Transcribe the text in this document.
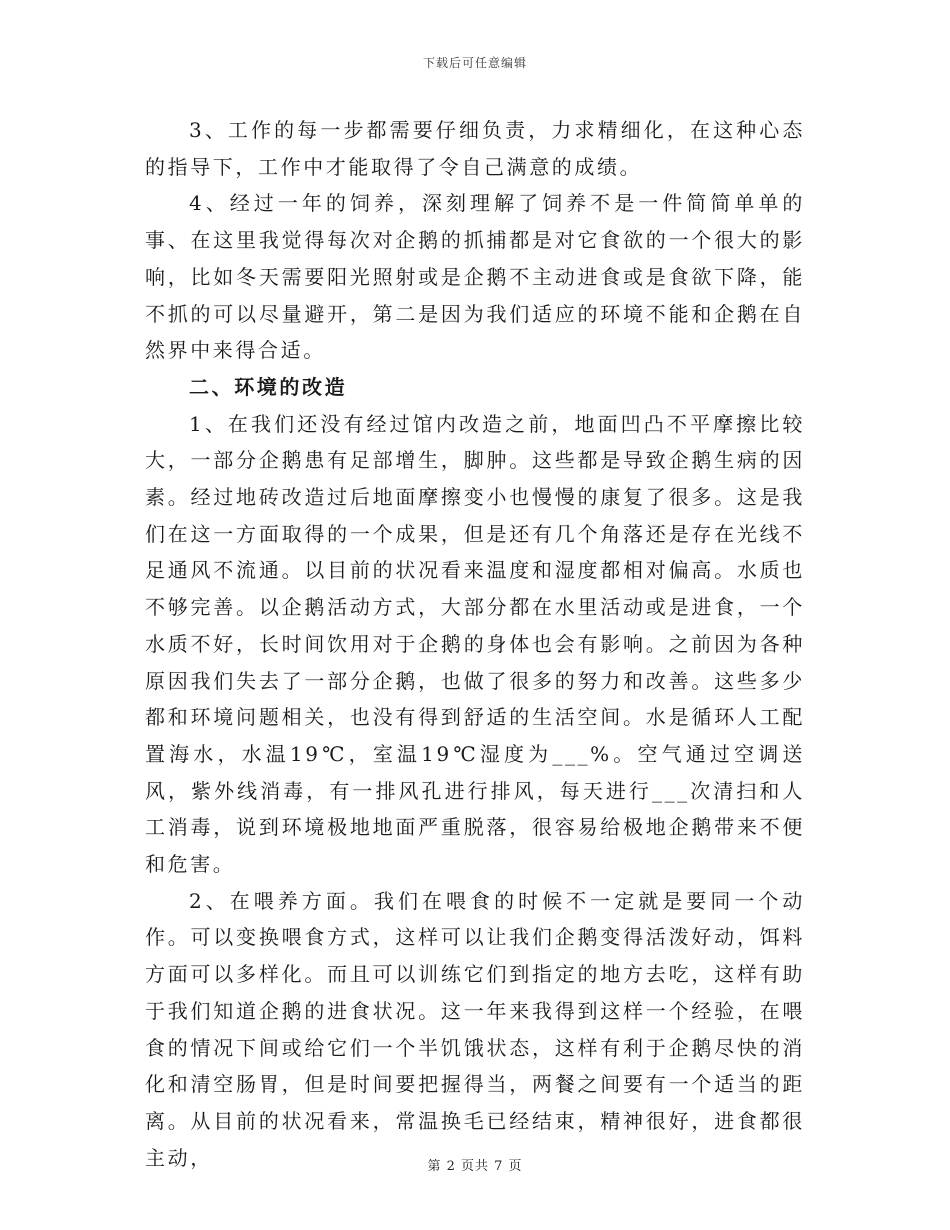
下载后可任意编辑

3、工作的每一步都需要仔细负责，力求精细化，在这种心态的指导下，工作中才能取得了令自己满意的成绩。

4、经过一年的饲养，深刻理解了饲养不是一件简简单单的事、在这里我觉得每次对企鹅的抓捕都是对它食欲的一个很大的影响，比如冬天需要阳光照射或是企鹅不主动进食或是食欲下降，能不抓的可以尽量避开，第二是因为我们适应的环境不能和企鹅在自然界中来得合适。

二、环境的改造

1、在我们还没有经过馆内改造之前，地面凹凸不平摩擦比较大，一部分企鹅患有足部增生，脚肿。这些都是导致企鹅生病的因素。经过地砖改造过后地面摩擦变小也慢慢的康复了很多。这是我们在这一方面取得的一个成果，但是还有几个角落还是存在光线不足通风不流通。以目前的状况看来温度和湿度都相对偏高。水质也不够完善。以企鹅活动方式，大部分都在水里活动或是进食，一个水质不好，长时间饮用对于企鹅的身体也会有影响。之前因为各种原因我们失去了一部分企鹅，也做了很多的努力和改善。这些多少都和环境问题相关，也没有得到舒适的生活空间。水是循环人工配置海水，水温19℃，室温19℃湿度为___%。空气通过空调送风，紫外线消毒，有一排风孔进行排风，每天进行___次清扫和人工消毒，说到环境极地地面严重脱落，很容易给极地企鹅带来不便和危害。

2、在喂养方面。我们在喂食的时候不一定就是要同一个动作。可以变换喂食方式，这样可以让我们企鹅变得活泼好动，饵料方面可以多样化。而且可以训练它们到指定的地方去吃，这样有助于我们知道企鹅的进食状况。这一年来我得到这样一个经验，在喂食的情况下间或给它们一个半饥饿状态，这样有利于企鹅尽快的消化和清空肠胃，但是时间要把握得当，两餐之间要有一个适当的距离。从目前的状况看来，常温换毛已经结束，精神很好，进食都很主动，	第 2 页共 7 页
